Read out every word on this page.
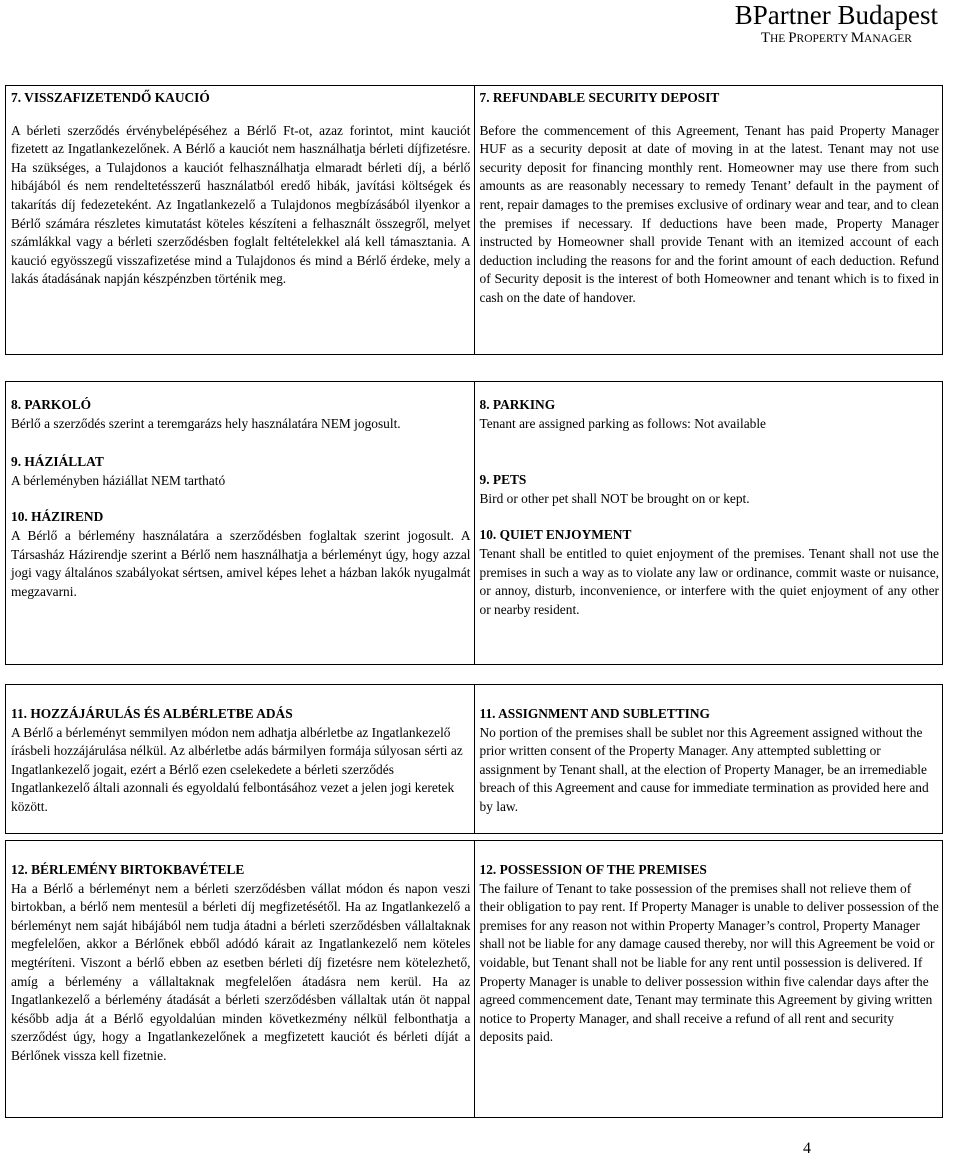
BPartner Budapest
THE PROPERTY MANAGER

7. VISSZAFIZETENDŐ KAUCIÓ

A bérleti szerződés érvénybelépéséhez a Bérlő Ft-ot, azaz forintot, mint kauciót fizetett az Ingatlankezelőnek. A Bérlő a kauciót nem használhatja bérleti díjfizetésre. Ha szükséges, a Tulajdonos a kauciót felhasználhatja elmaradt bérleti díj, a bérlő hibájából és nem rendeltetésszerű használatból eredő hibák, javítási költségek és takarítás díj fedezeteként. Az Ingatlankezelő a Tulajdonos megbízásából ilyenkor a Bérlő számára részletes kimutatást köteles készíteni a felhasznált összegről, melyet számlákkal vagy a bérleti szerződésben foglalt feltételekkel alá kell támasztania. A kaució egyösszegű visszafizetése mind a Tulajdonos és mind a Bérlő érdeke, mely a lakás átadásának napján készpénzben történik meg.

7. REFUNDABLE SECURITY DEPOSIT

Before the commencement of this Agreement, Tenant has paid Property Manager HUF as a security deposit at date of moving in at the latest. Tenant may not use security deposit for financing monthly rent. Homeowner may use there from such amounts as are reasonably necessary to remedy Tenant’ default in the payment of rent, repair damages to the premises exclusive of ordinary wear and tear, and to clean the premises if necessary. If deductions have been made, Property Manager instructed by Homeowner shall provide Tenant with an itemized account of each deduction including the reasons for and the forint amount of each deduction. Refund of Security deposit is the interest of both Homeowner and tenant which is to fixed in cash on the date of handover.

8. PARKOLÓ

Bérlő a szerződés szerint a teremgarázs hely használatára NEM jogosult.

9. HÁZIÁLLAT

A bérleményben háziállat NEM tartható

10. HÁZIREND

A Bérlő a bérlemény használatára a szerződésben foglaltak szerint jogosult. A Társasház Házirendje szerint a Bérlő nem használhatja a bérleményt úgy, hogy azzal jogi vagy általános szabályokat sértsen, amivel képes lehet a házban lakók nyugalmát megzavarni.

8. PARKING

Tenant are assigned parking as follows: Not available

9. PETS

Bird or other pet shall NOT be brought on or kept.

10. QUIET ENJOYMENT

Tenant shall be entitled to quiet enjoyment of the premises. Tenant shall not use the premises in such a way as to violate any law or ordinance, commit waste or nuisance, or annoy, disturb, inconvenience, or interfere with the quiet enjoyment of any other or nearby resident.

11. HOZZÁJÁRULÁS ÉS ALBÉRLETBE ADÁS

A Bérlő a bérleményt semmilyen módon nem adhatja albérletbe az Ingatlankezelő írásbeli hozzájárulása nélkül. Az albérletbe adás bármilyen formája súlyosan sérti az Ingatlankezelő jogait, ezért a Bérlő ezen cselekedete a bérleti szerződés Ingatlankezelő általi azonnali és egyoldalú felbontásához vezet a jelen jogi keretek között.

11. ASSIGNMENT AND SUBLETTING

No portion of the premises shall be sublet nor this Agreement assigned without the prior written consent of the Property Manager. Any attempted subletting or assignment by Tenant shall, at the election of Property Manager, be an irremediable breach of this Agreement and cause for immediate termination as provided here and by law.

12. BÉRLEMÉNY BIRTOKBAVÉTELE

Ha a Bérlő a bérleményt nem a bérleti szerződésben vállat módon és napon veszi birtokban, a bérlő nem mentesül a bérleti díj megfizetésétől. Ha az Ingatlankezelő a bérleményt nem saját hibájából nem tudja átadni a bérleti szerződésben vállaltaknak megfelelően, akkor a Bérlőnek ebből adódó kárait az Ingatlankezelő nem köteles megtéríteni. Viszont a bérlő ebben az esetben bérleti díj fizetésre nem kötelezhető, amíg a bérlemény a vállaltaknak megfelelően átadásra nem kerül. Ha az Ingatlankezelő a bérlemény átadását a bérleti szerződésben vállaltak után öt nappal később adja át a Bérlő egyoldalúan minden következmény nélkül felbonthatja a szerződést úgy, hogy a Ingatlankezelőnek a megfizetett kauciót és bérleti díját a Bérlőnek vissza kell fizetnie.

12. POSSESSION OF THE PREMISES

The failure of Tenant to take possession of the premises shall not relieve them of their obligation to pay rent. If Property Manager is unable to deliver possession of the premises for any reason not within Property Manager’s control, Property Manager shall not be liable for any damage caused thereby, nor will this Agreement be void or voidable, but Tenant shall not be liable for any rent until possession is delivered. If Property Manager is unable to deliver possession within five calendar days after the agreed commencement date, Tenant may terminate this Agreement by giving written notice to Property Manager, and shall receive a refund of all rent and security deposits paid.

4
